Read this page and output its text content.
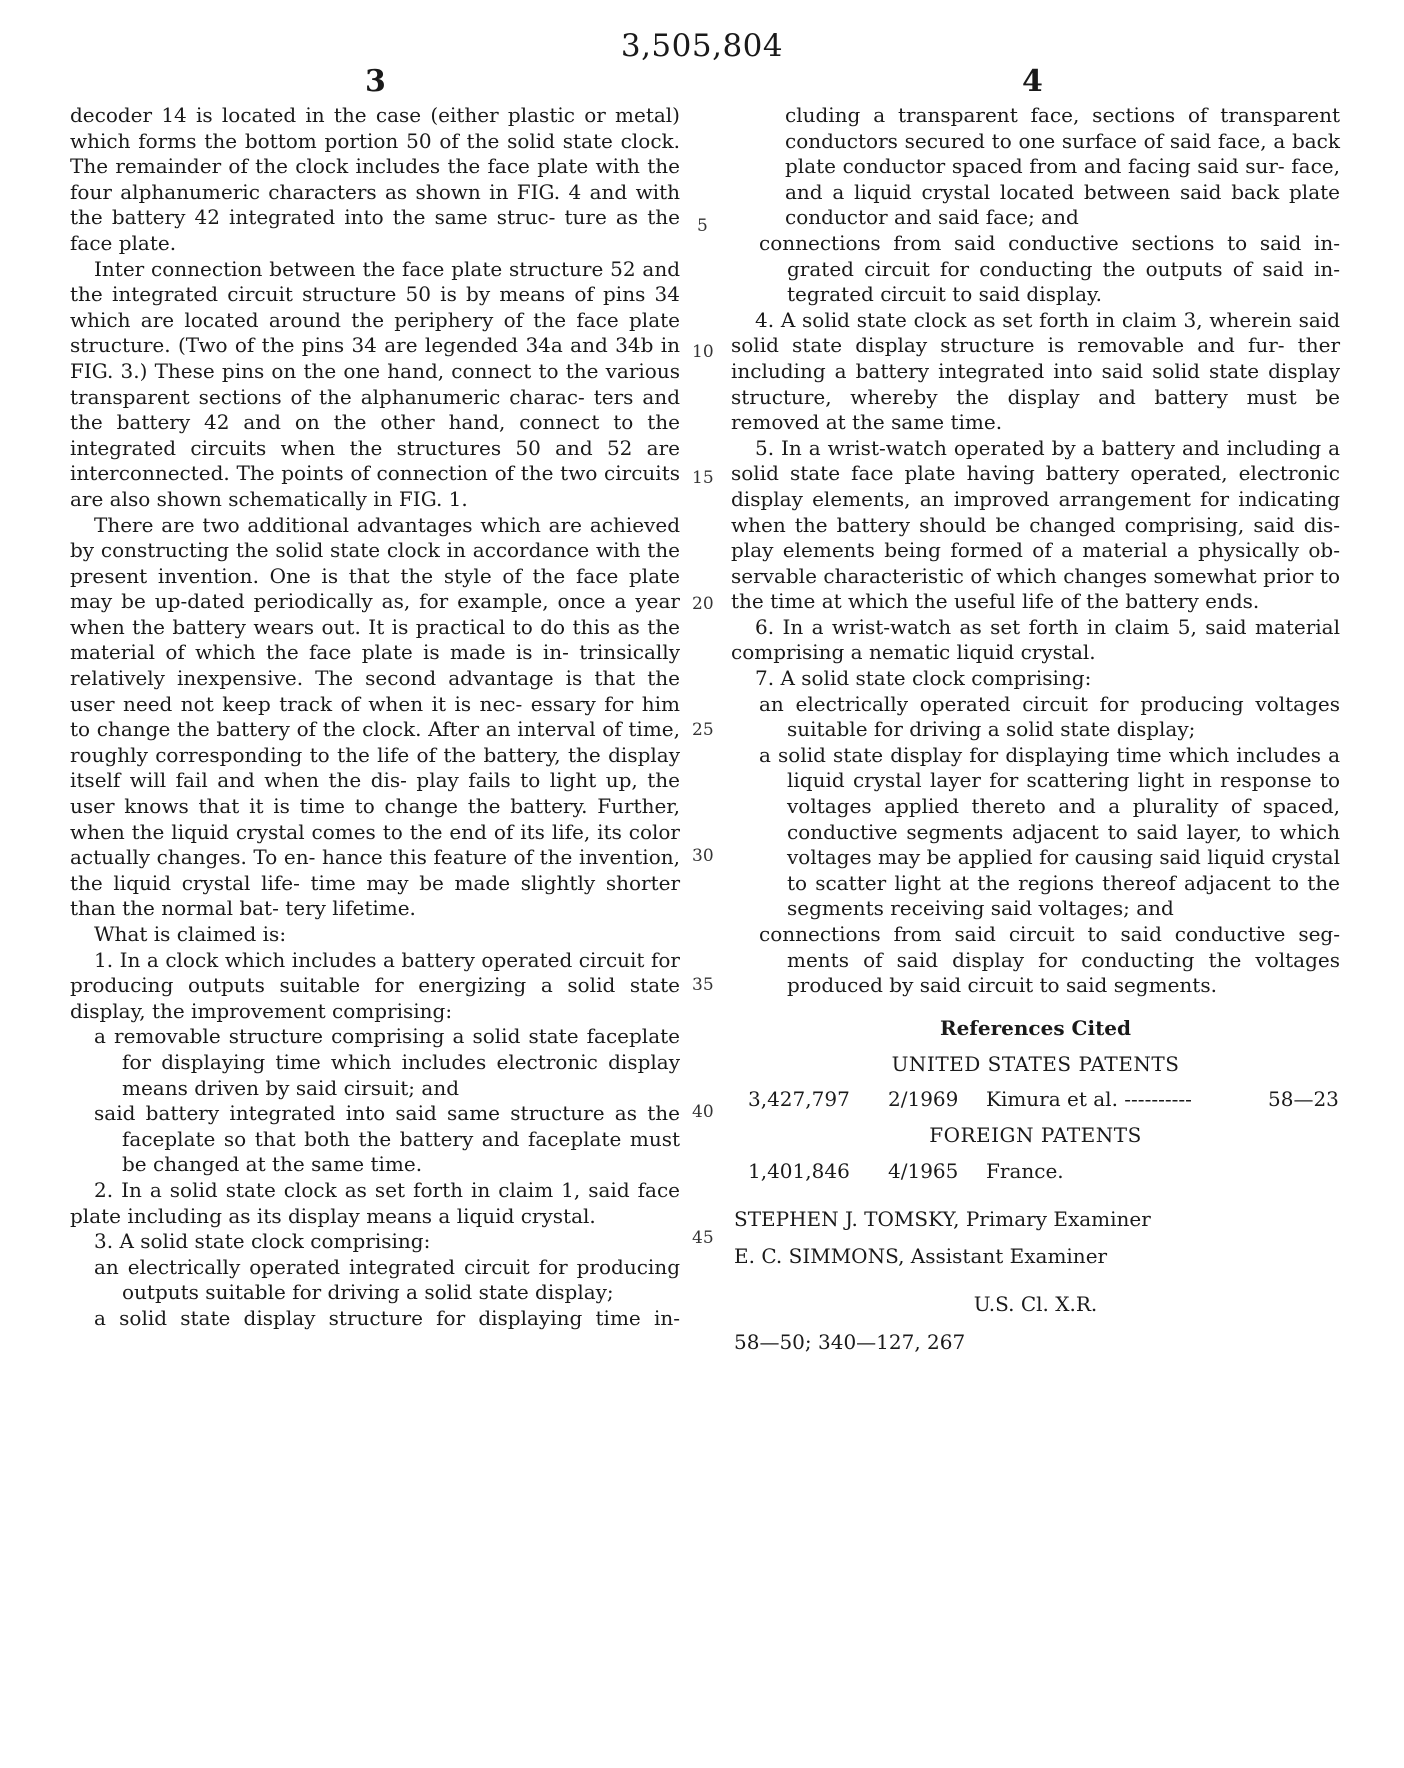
3,505,804
3	4

decoder 14 is located in the case (either plastic or metal) which forms the bottom portion 50 of the solid state clock. The remainder of the clock includes the face plate with the four alphanumeric characters as shown in FIG. 4 and with the battery 42 integrated into the same struc- ture as the face plate.

Inter connection between the face plate structure 52 and the integrated circuit structure 50 is by means of pins 34 which are located around the periphery of the face plate structure. (Two of the pins 34 are legended 34a and 34b in FIG. 3.) These pins on the one hand, connect to the various transparent sections of the alphanumeric charac- ters and the battery 42 and on the other hand, connect to the integrated circuits when the structures 50 and 52 are interconnected. The points of connection of the two circuits are also shown schematically in FIG. 1.

There are two additional advantages which are achieved by constructing the solid state clock in accordance with the present invention. One is that the style of the face plate may be up-dated periodically as, for example, once a year when the battery wears out. It is practical to do this as the material of which the face plate is made is in- trinsically relatively inexpensive. The second advantage is that the user need not keep track of when it is nec- essary for him to change the battery of the clock. After an interval of time, roughly corresponding to the life of the battery, the display itself will fail and when the dis- play fails to light up, the user knows that it is time to change the battery. Further, when the liquid crystal comes to the end of its life, its color actually changes. To en- hance this feature of the invention, the liquid crystal life- time may be made slightly shorter than the normal bat- tery lifetime.

What is claimed is:

1. In a clock which includes a battery operated circuit for producing outputs suitable for energizing a solid state display, the improvement comprising:

a removable structure comprising a solid state faceplate for displaying time which includes electronic display means driven by said cirsuit; and

said battery integrated into said same structure as the faceplate so that both the battery and faceplate must be changed at the same time.

2. In a solid state clock as set forth in claim 1, said face plate including as its display means a liquid crystal.

3. A solid state clock comprising:

an electrically operated integrated circuit for producing outputs suitable for driving a solid state display;

a solid state display structure for displaying time in-

5
10
15
20
25
30
35
40
45

cluding a transparent face, sections of transparent conductors secured to one surface of said face, a back plate conductor spaced from and facing said sur- face, and a liquid crystal located between said back plate conductor and said face; and

connections from said conductive sections to said in- grated circuit for conducting the outputs of said in- tegrated circuit to said display.

4. A solid state clock as set forth in claim 3, wherein said solid state display structure is removable and fur- ther including a battery integrated into said solid state display structure, whereby the display and battery must be removed at the same time.

5. In a wrist-watch operated by a battery and including a solid state face plate having battery operated, electronic display elements, an improved arrangement for indicating when the battery should be changed comprising, said dis- play elements being formed of a material a physically ob- servable characteristic of which changes somewhat prior to the time at which the useful life of the battery ends.

6. In a wrist-watch as set forth in claim 5, said material comprising a nematic liquid crystal.

7. A solid state clock comprising:

an electrically operated circuit for producing voltages suitable for driving a solid state display;

a solid state display for displaying time which includes a liquid crystal layer for scattering light in response to voltages applied thereto and a plurality of spaced, conductive segments adjacent to said layer, to which voltages may be applied for causing said liquid crystal to scatter light at the regions thereof adjacent to the segments receiving said voltages; and

connections from said circuit to said conductive seg- ments of said display for conducting the voltages produced by said circuit to said segments.

References Cited
UNITED STATES PATENTS
3,427,797 2/1969 Kimura et al. ----------	58—23
FOREIGN PATENTS
1,401,846 4/1965 France.
STEPHEN J. TOMSKY, Primary Examiner
E. C. SIMMONS, Assistant Examiner
U.S. Cl. X.R.
58—50; 340—127, 267
